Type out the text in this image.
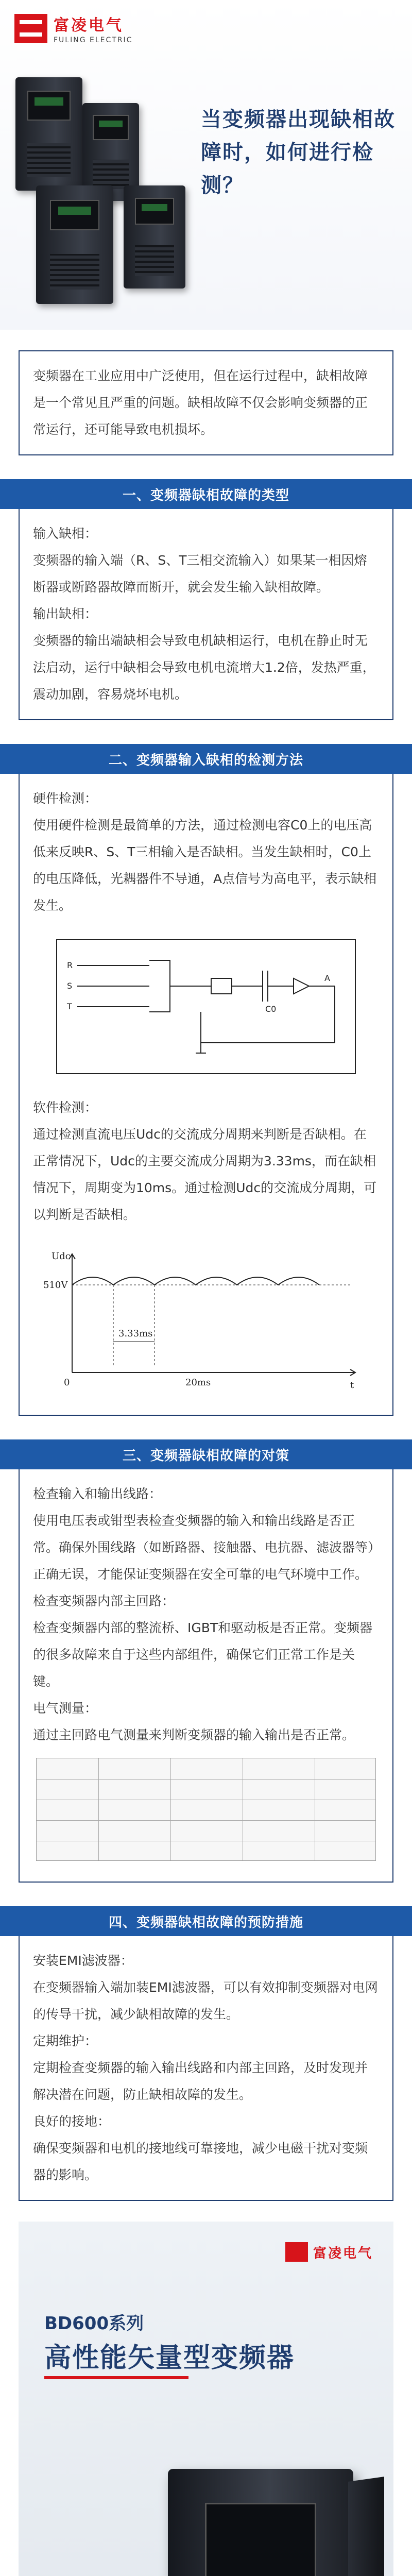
富凌电气
FULING ELECTRIC
当变频器出现缺相故障时，如何进行检测？

变频器在工业应用中广泛使用，但在运行过程中，缺相故障是一个常见且严重的问题。缺相故障不仅会影响变频器的正常运行，还可能导致电机损坏。

一、变频器缺相故障的类型

输入缺相：

变频器的输入端（R、S、T三相交流输入）如果某一相因熔断器或断路器故障而断开，就会发生输入缺相故障。

输出缺相：

变频器的输出端缺相会导致电机缺相运行，电机在静止时无法启动，运行中缺相会导致电机电流增大1.2倍，发热严重，震动加剧，容易烧坏电机。

二、变频器输入缺相的检测方法

硬件检测：

使用硬件检测是最简单的方法，通过检测电容C0上的电压高低来反映R、S、T三相输入是否缺相。当发生缺相时，C0上的电压降低，光耦器件不导通，A点信号为高电平，表示缺相发生。

R
S
T	C0
A

软件检测：

通过检测直流电压Udc的交流成分周期来判断是否缺相。在正常情况下，Udc的主要交流成分周期为3.33ms，而在缺相情况下，周期变为10ms。通过检测Udc的交流成分周期，可以判断是否缺相。

Udc
510V
3.33ms
20ms	t
0
三、变频器缺相故障的对策

检查输入和输出线路：

使用电压表或钳型表检查变频器的输入和输出线路是否正常。确保外围线路（如断路器、接触器、电抗器、滤波器等）正确无误，才能保证变频器在安全可靠的电气环境中工作。

检查变频器内部主回路：

检查变频器内部的整流桥、IGBT和驱动板是否正常。变频器的很多故障来自于这些内部组件，确保它们正常工作是关键。

电气测量：

通过主回路电气测量来判断变频器的输入输出是否正常。

四、变频器缺相故障的预防措施

安装EMI滤波器：

在变频器输入端加装EMI滤波器，可以有效抑制变频器对电网的传导干扰，减少缺相故障的发生。

定期维护：

定期检查变频器的输入输出线路和内部主回路，及时发现并解决潜在问题，防止缺相故障的发生。

良好的接地：

确保变频器和电机的接地线可靠接地，减少电磁干扰对变频器的影响。

富凌电气
BD600系列
高性能矢量型变频器
